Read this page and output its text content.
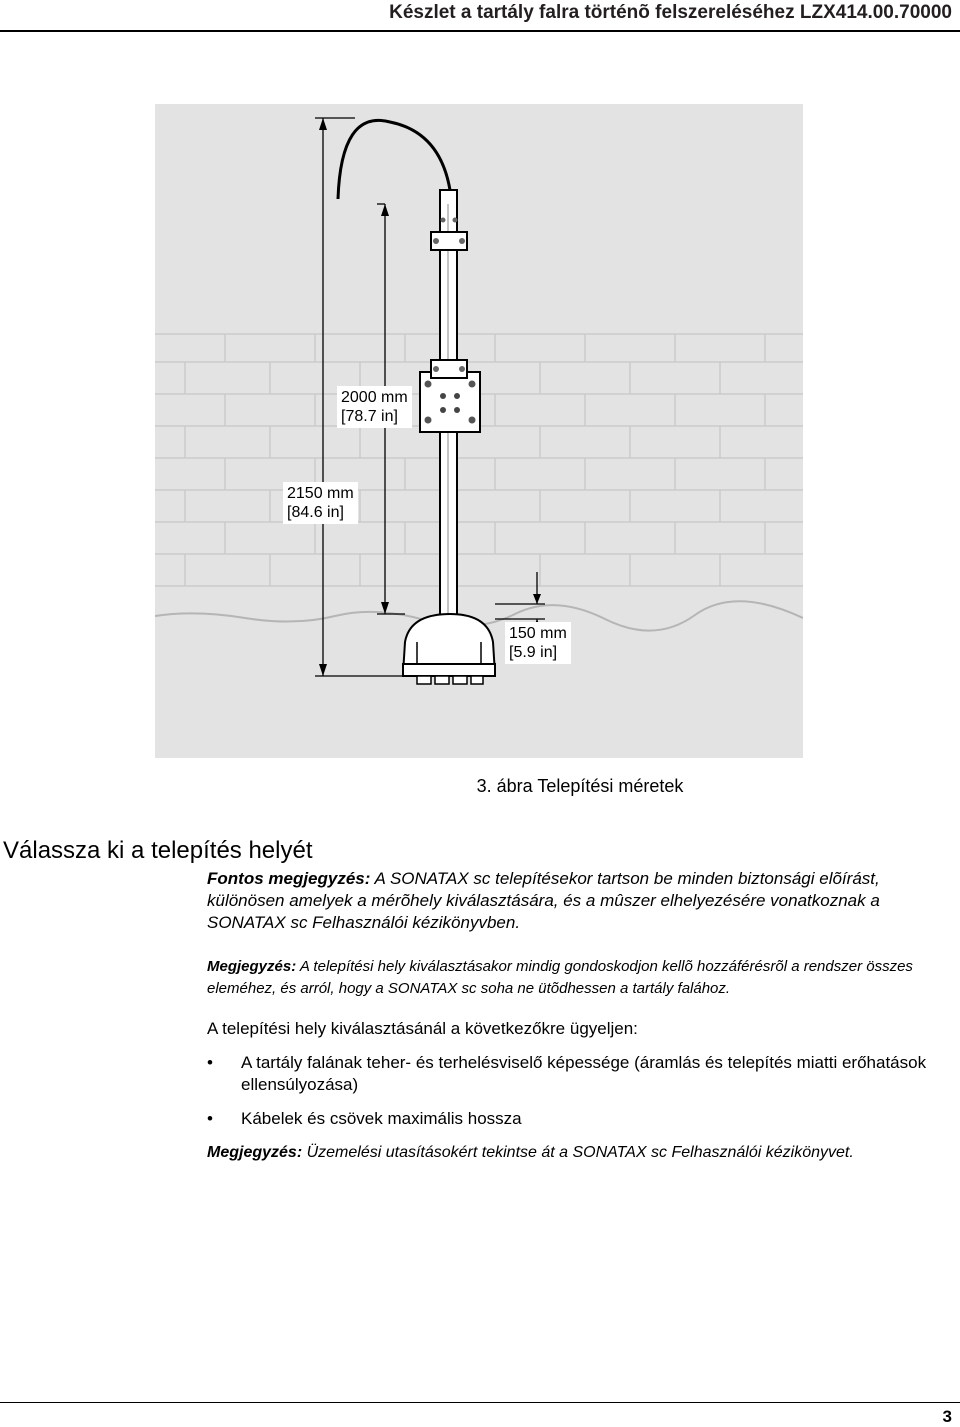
Készlet a tartály falra történõ felszereléséhez LZX414.00.70000
2000 mm
[78.7 in]
2150 mm
[84.6 in]
150 mm
[5.9 in]
3. ábra Telepítési méretek
Válassza ki a telepítés helyét
Fontos megjegyzés: A SONATAX sc telepítésekor tartson be minden biztonsági elõírást, különösen amelyek a mérõhely kiválasztására, és a mûszer elhelyezésére vonatkoznak a SONATAX sc Felhasználói kézikönyvben.
Megjegyzés: A telepítési hely kiválasztásakor mindig gondoskodjon kellõ hozzáférésrõl a rendszer összes eleméhez, és arról, hogy a SONATAX sc soha ne ütõdhessen a tartály falához.
A telepítési hely kiválasztásánál a következőkre ügyeljen:
• A tartály falának teher- és terhelésviselő képessége (áramlás és telepítés miatti erőhatások ellensúlyozása)
• Kábelek és csövek maximális hossza
Megjegyzés: Üzemelési utasításokért tekintse át a SONATAX sc Felhasználói kézikönyvet.
3
